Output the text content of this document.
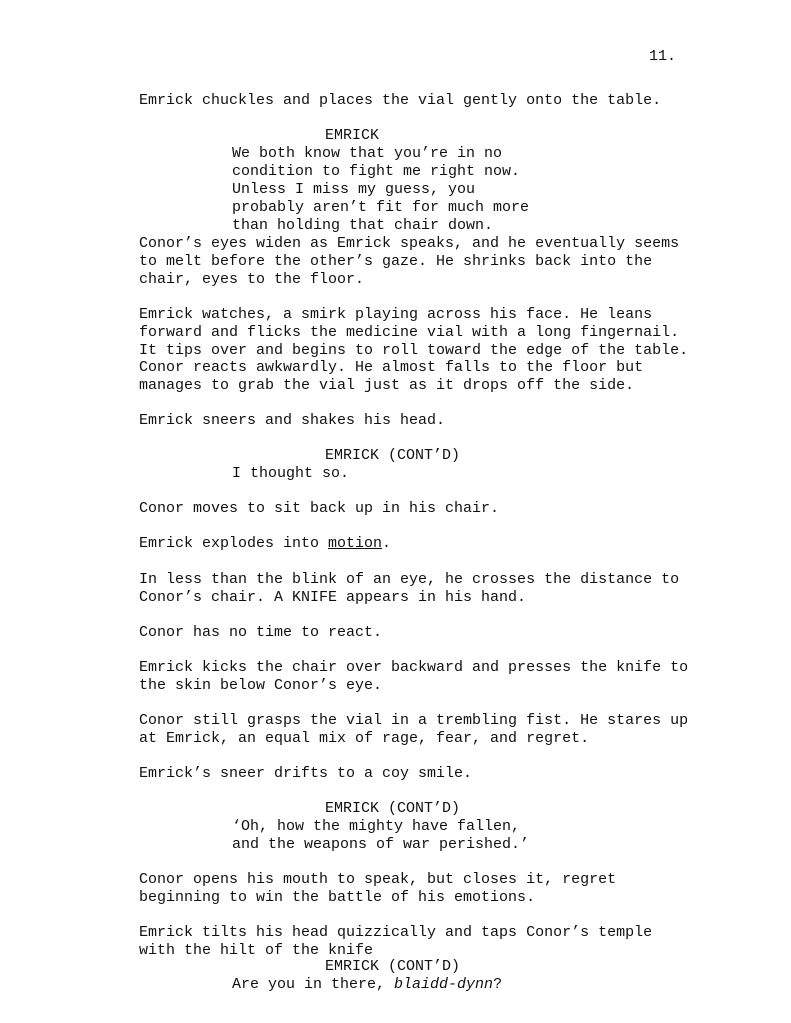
11.
Emrick chuckles and places the vial gently onto the table.
EMRICK
We both know that you’re in no
condition to fight me right now.
Unless I miss my guess, you
probably aren’t fit for much more
than holding that chair down.
Conor’s eyes widen as Emrick speaks, and he eventually seems
to melt before the other’s gaze. He shrinks back into the
chair, eyes to the floor.
Emrick watches, a smirk playing across his face. He leans
forward and flicks the medicine vial with a long fingernail.
It tips over and begins to roll toward the edge of the table.
Conor reacts awkwardly. He almost falls to the floor but
manages to grab the vial just as it drops off the side.
Emrick sneers and shakes his head.
EMRICK (CONT’D)
I thought so.
Conor moves to sit back up in his chair.
Emrick explodes into motion.
In less than the blink of an eye, he crosses the distance to
Conor’s chair. A KNIFE appears in his hand.
Conor has no time to react.
Emrick kicks the chair over backward and presses the knife to
the skin below Conor’s eye.
Conor still grasps the vial in a trembling fist. He stares up
at Emrick, an equal mix of rage, fear, and regret.
Emrick’s sneer drifts to a coy smile.
EMRICK (CONT’D)
‘Oh, how the mighty have fallen,
and the weapons of war perished.’
Conor opens his mouth to speak, but closes it, regret
beginning to win the battle of his emotions.
Emrick tilts his head quizzically and taps Conor’s temple
with the hilt of the knife
EMRICK (CONT’D)
Are you in there, blaidd-dynn?
